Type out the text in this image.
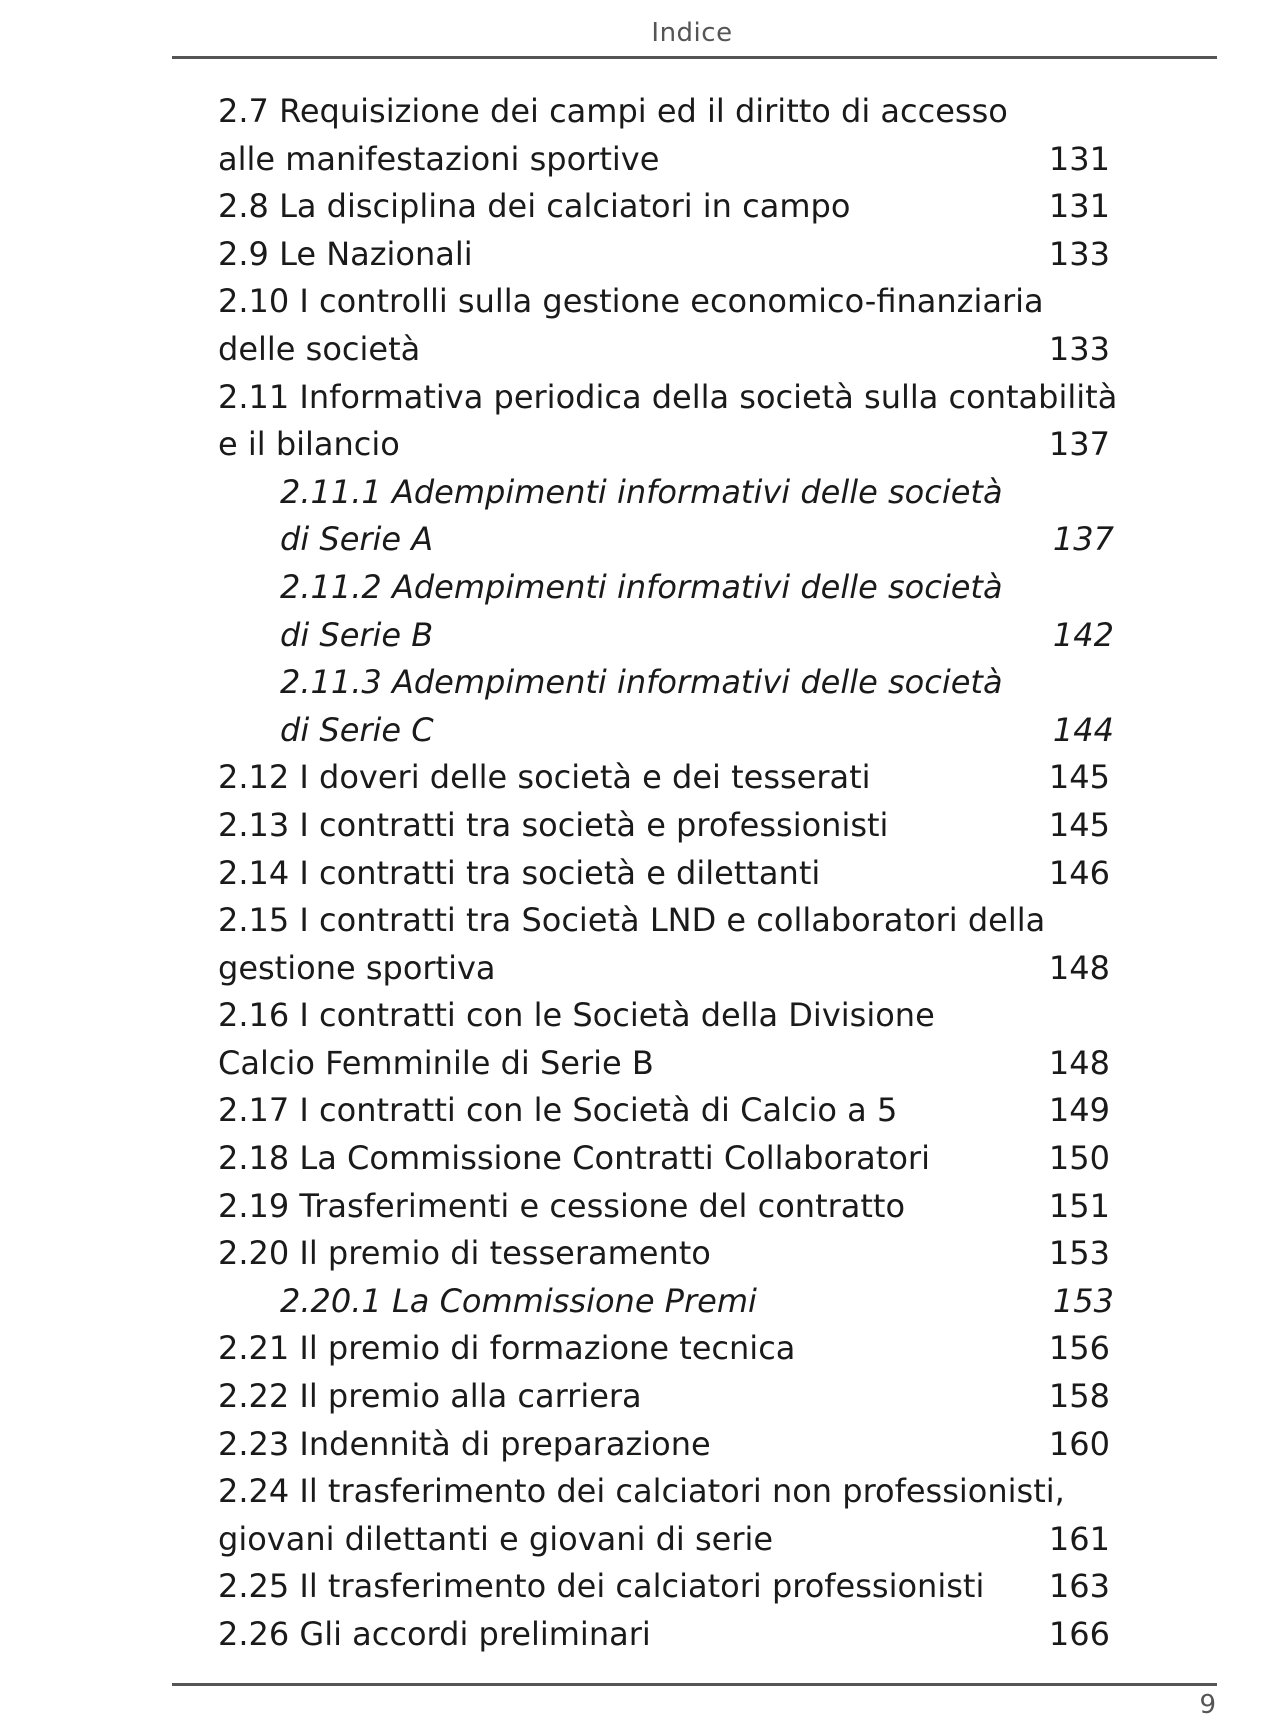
Indice
2.7 Requisizione dei campi ed il diritto di accesso
alle manifestazioni sportive	131
2.8 La disciplina dei calciatori in campo	131
2.9 Le Nazionali	133
2.10 I controlli sulla gestione economico-finanziaria
delle società	133
2.11 Informativa periodica della società sulla contabilità
e il bilancio	137
2.11.1 Adempimenti informativi delle società
di Serie A	137
2.11.2 Adempimenti informativi delle società
di Serie B	142
2.11.3 Adempimenti informativi delle società
di Serie C	144
2.12 I doveri delle società e dei tesserati	145
2.13 I contratti tra società e professionisti	145
2.14 I contratti tra società e dilettanti	146
2.15 I contratti tra Società LND e collaboratori della
gestione sportiva	148
2.16 I contratti con le Società della Divisione
Calcio Femminile di Serie B	148
2.17 I contratti con le Società di Calcio a 5	149
2.18 La Commissione Contratti Collaboratori	150
2.19 Trasferimenti e cessione del contratto	151
2.20 Il premio di tesseramento	153
2.20.1 La Commissione Premi	153
2.21 Il premio di formazione tecnica	156
2.22 Il premio alla carriera	158
2.23 Indennità di preparazione	160
2.24 Il trasferimento dei calciatori non professionisti,
giovani dilettanti e giovani di serie	161
2.25 Il trasferimento dei calciatori professionisti 163
2.26 Gli accordi preliminari	166
9
